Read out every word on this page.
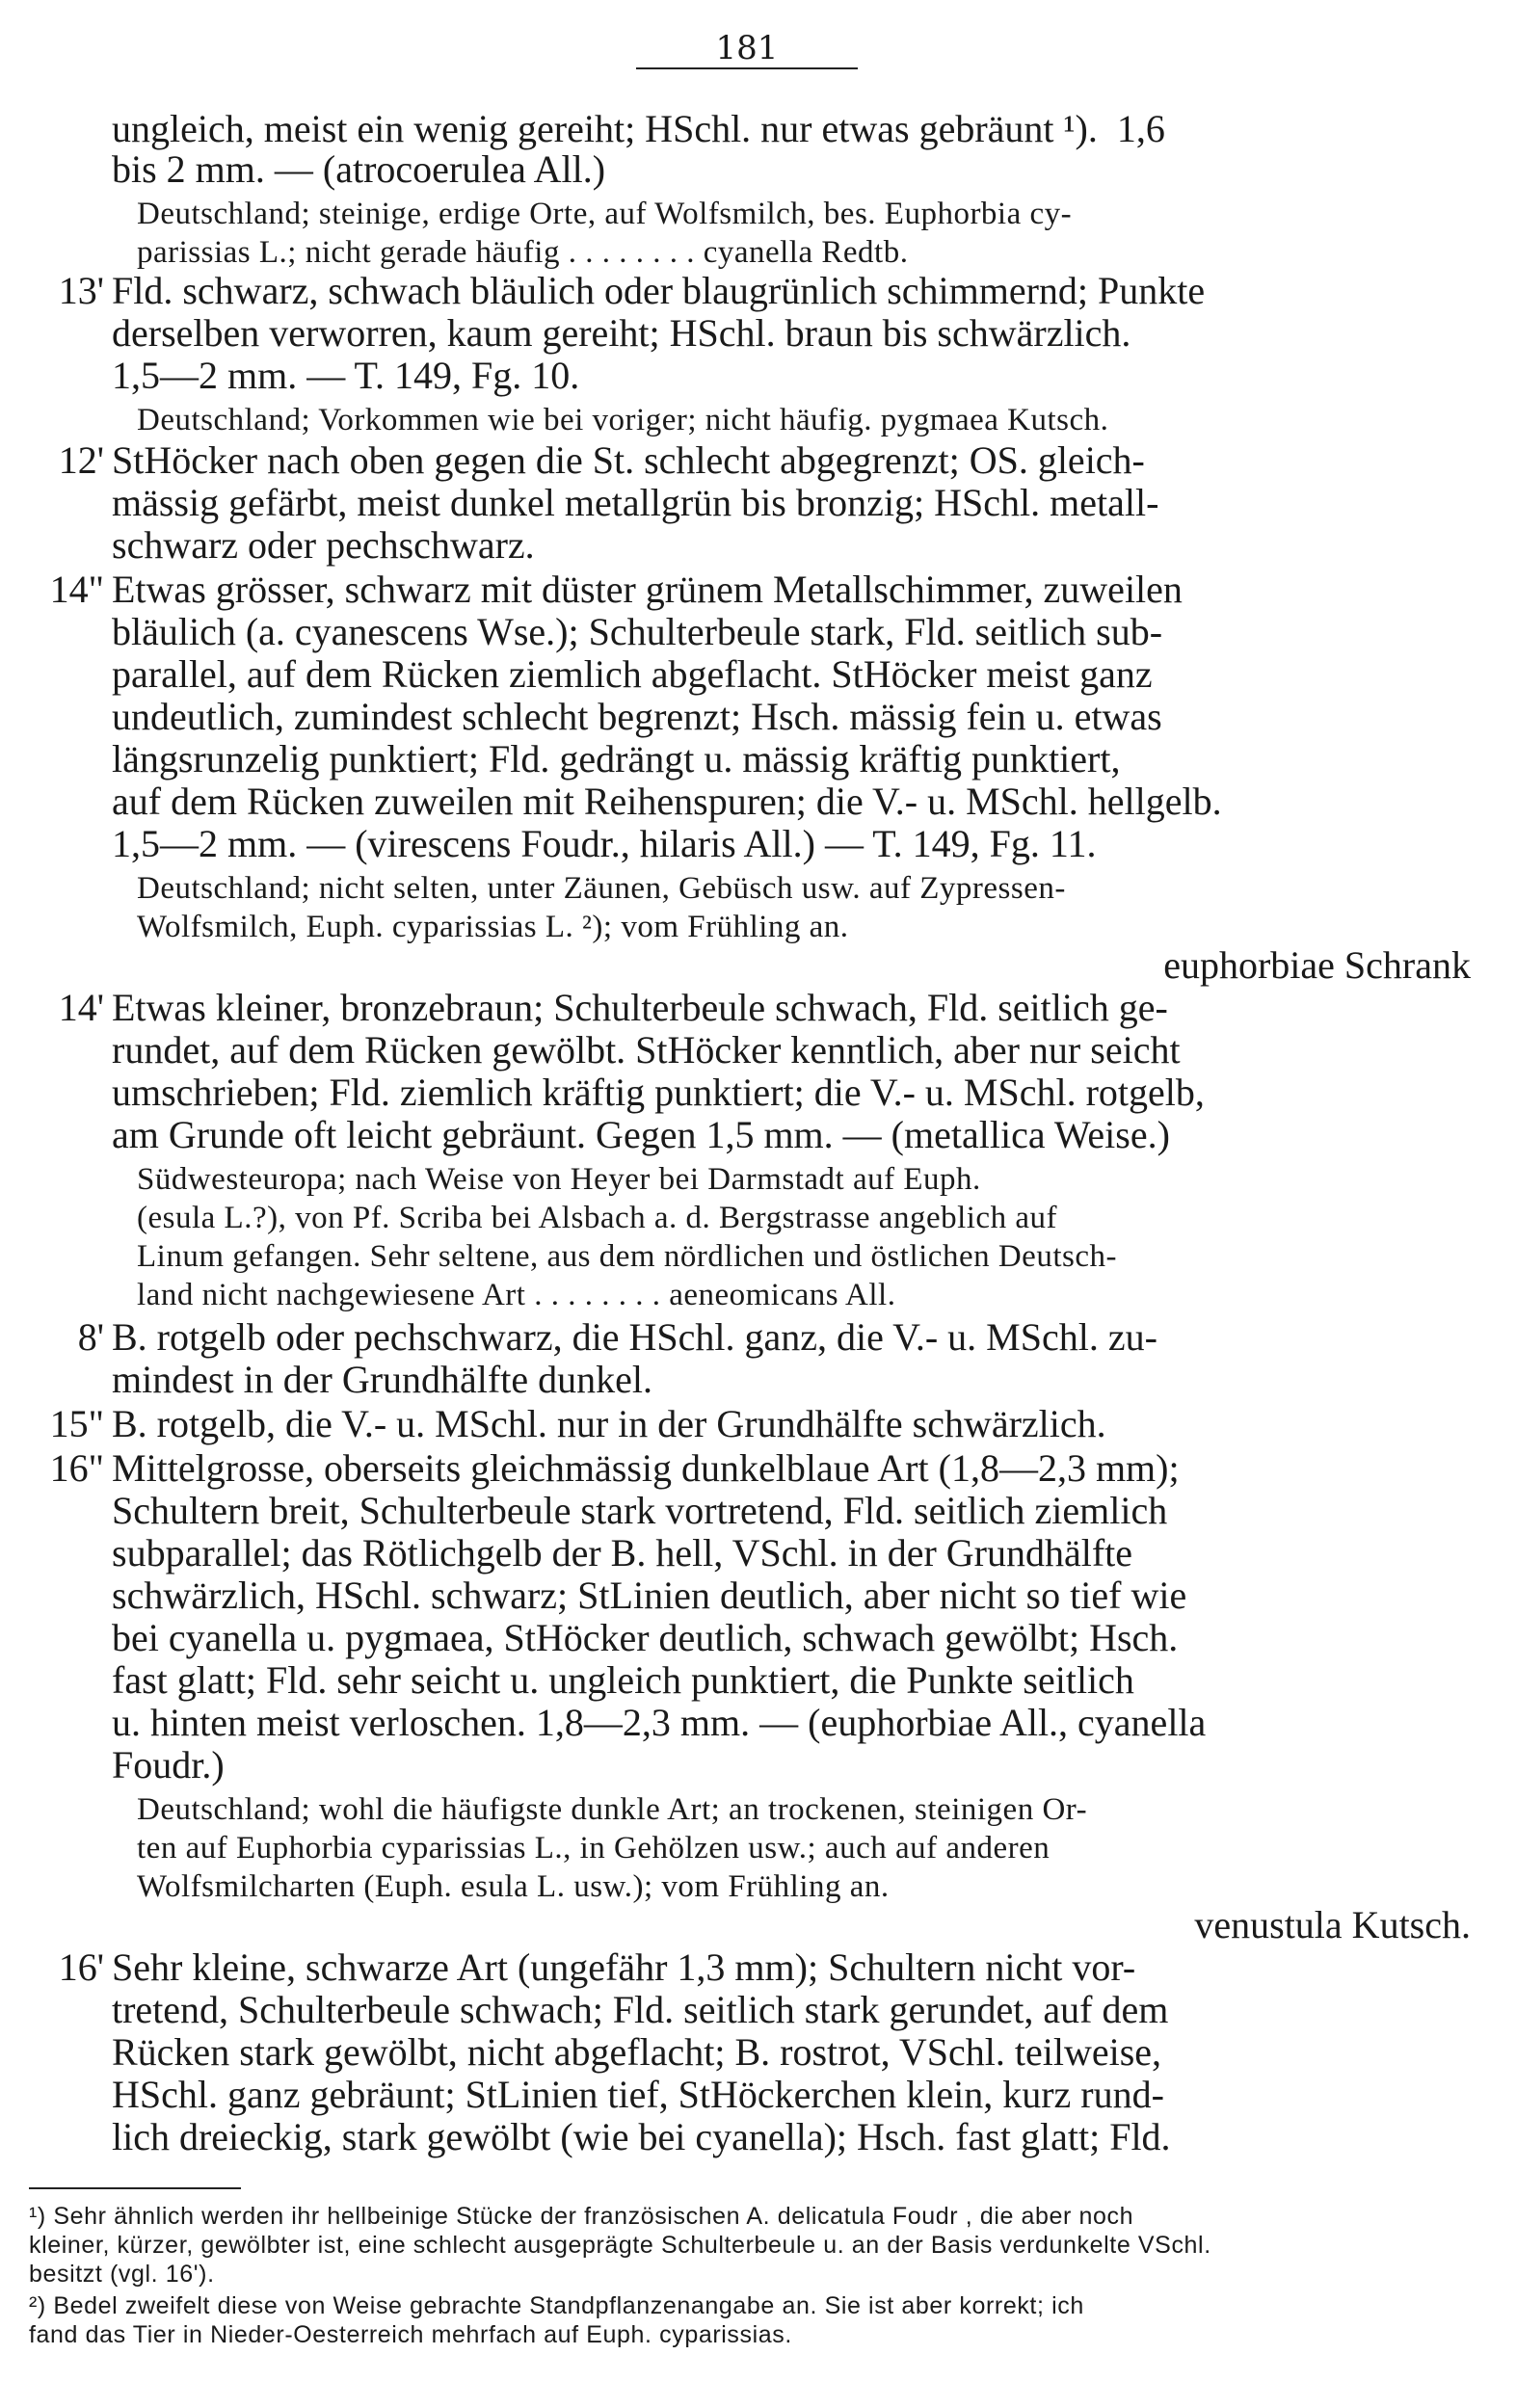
181
ungleich, meist ein wenig gereiht; HSchl. nur etwas gebräunt ¹).  1,6
bis 2 mm. — (atrocoerulea All.)
Deutschland; steinige, erdige Orte, auf Wolfsmilch, bes. Euphorbia cy-
parissias L.; nicht gerade häufig . . . . . . . . cyanella Redtb.
13' Fld. schwarz, schwach bläulich oder blaugrünlich schimmernd; Punkte
derselben verworren, kaum gereiht; HSchl. braun bis schwärzlich.
1,5—2 mm. — T. 149, Fg. 10.
Deutschland; Vorkommen wie bei voriger; nicht häufig. pygmaea Kutsch.
12' StHöcker nach oben gegen die St. schlecht abgegrenzt; OS. gleich-
mässig gefärbt, meist dunkel metallgrün bis bronzig; HSchl. metall-
schwarz oder pechschwarz.
14" Etwas grösser, schwarz mit düster grünem Metallschimmer, zuweilen
bläulich (a. cyanescens Wse.); Schulterbeule stark, Fld. seitlich sub-
parallel, auf dem Rücken ziemlich abgeflacht. StHöcker meist ganz
undeutlich, zumindest schlecht begrenzt; Hsch. mässig fein u. etwas
längsrunzelig punktiert; Fld. gedrängt u. mässig kräftig punktiert,
auf dem Rücken zuweilen mit Reihenspuren; die V.- u. MSchl. hellgelb.
1,5—2 mm. — (virescens Foudr., hilaris All.) — T. 149, Fg. 11.
Deutschland; nicht selten, unter Zäunen, Gebüsch usw. auf Zypressen-
Wolfsmilch, Euph. cyparissias L. ²); vom Frühling an.
euphorbiae Schrank
14' Etwas kleiner, bronzebraun; Schulterbeule schwach, Fld. seitlich ge-
rundet, auf dem Rücken gewölbt. StHöcker kenntlich, aber nur seicht
umschrieben; Fld. ziemlich kräftig punktiert; die V.- u. MSchl. rotgelb,
am Grunde oft leicht gebräunt. Gegen 1,5 mm. — (metallica Weise.)
Südwesteuropa; nach Weise von Heyer bei Darmstadt auf Euph.
(esula L.?), von Pf. Scriba bei Alsbach a. d. Bergstrasse angeblich auf
Linum gefangen. Sehr seltene, aus dem nördlichen und östlichen Deutsch-
land nicht nachgewiesene Art . . . . . . . . aeneomicans All.
8' B. rotgelb oder pechschwarz, die HSchl. ganz, die V.- u. MSchl. zu-
mindest in der Grundhälfte dunkel.
15" B. rotgelb, die V.- u. MSchl. nur in der Grundhälfte schwärzlich.
16" Mittelgrosse, oberseits gleichmässig dunkelblaue Art (1,8—2,3 mm);
Schultern breit, Schulterbeule stark vortretend, Fld. seitlich ziemlich
subparallel; das Rötlichgelb der B. hell, VSchl. in der Grundhälfte
schwärzlich, HSchl. schwarz; StLinien deutlich, aber nicht so tief wie
bei cyanella u. pygmaea, StHöcker deutlich, schwach gewölbt; Hsch.
fast glatt; Fld. sehr seicht u. ungleich punktiert, die Punkte seitlich
u. hinten meist verloschen. 1,8—2,3 mm. — (euphorbiae All., cyanella
Foudr.)
Deutschland; wohl die häufigste dunkle Art; an trockenen, steinigen Or-
ten auf Euphorbia cyparissias L., in Gehölzen usw.; auch auf anderen
Wolfsmilcharten (Euph. esula L. usw.); vom Frühling an.
venustula Kutsch.
16' Sehr kleine, schwarze Art (ungefähr 1,3 mm); Schultern nicht vor-
tretend, Schulterbeule schwach; Fld. seitlich stark gerundet, auf dem
Rücken stark gewölbt, nicht abgeflacht; B. rostrot, VSchl. teilweise,
HSchl. ganz gebräunt; StLinien tief, StHöckerchen klein, kurz rund-
lich dreieckig, stark gewölbt (wie bei cyanella); Hsch. fast glatt; Fld.
¹) Sehr ähnlich werden ihr hellbeinige Stücke der französischen A. delicatula Foudr , die aber noch
kleiner, kürzer, gewölbter ist, eine schlecht ausgeprägte Schulterbeule u. an der Basis verdunkelte VSchl.
besitzt (vgl. 16').
²) Bedel zweifelt diese von Weise gebrachte Standpflanzenangabe an. Sie ist aber korrekt; ich
fand das Tier in Nieder-Oesterreich mehrfach auf Euph. cyparissias.
